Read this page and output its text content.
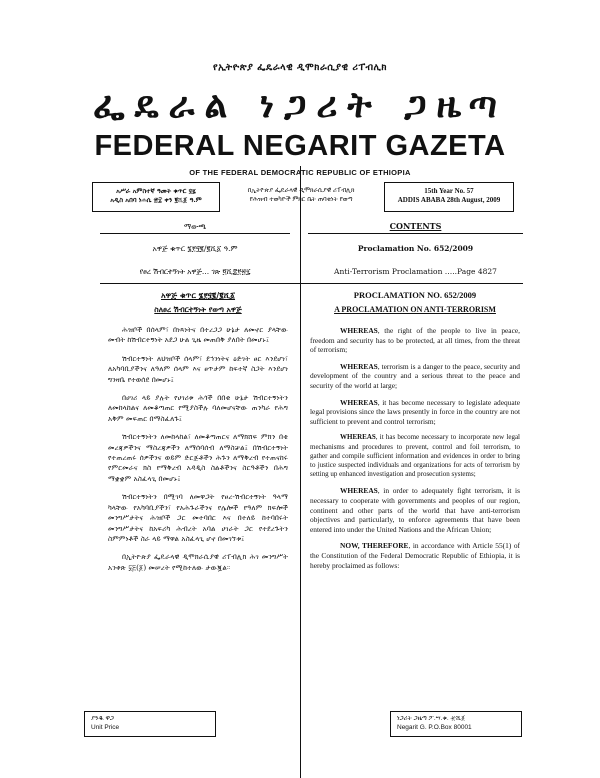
የኢትዮጵያ ፌዴራላዊ ዲሞክራሲያዊ ሪፐብሊክ
ፌዴራል ነጋሪት ጋዜጣ
FEDERAL NEGARIT GAZETA
OF THE FEDERAL DEMOCRATIC REPUBLIC OF ETHIOPIA
አሥራ አምስተኛ ዓመት ቁጥር ፶፯
አዲስ አበባ ነሐሴ ፳፰ ቀን ፪ሺ፩ ዓ.ም
በኢትዮጵያ ፌዴራላዊ ዲሞክራሲያዊ ሪፐብሊክ
የሕዝብ ተወካዮች ምክር ቤት ጠባቂነት የወጣ
15th Year No. 57
ADDIS ABABA 28th August, 2009
ማውጫ	CONTENTS
አዋጅ ቁጥር ፮፻፶፪/፪ሺ፩ ዓ.ም	Proclamation No. 652/2009
የፀረ ሽብርተኝነት አዋጅ… ገጽ ፬ሺ፰፻፳፯	Anti-Terrorism Proclamation …..Page 4827
አዋጅ ቁጥር ፮፻፶፪/፪ሺ፩
ስለፀረ ሽብርተኝነት የወጣ አዋጅ
ሕዝቦች በሰላም፣ በነጻነትና በተረጋጋ ሁኔታ ለመኖር ያላቸው መብት ከሽብርተኝነት አደጋ ሁል ጊዜ መጠበቅ ያለበት በመሆኑ፤
ሽብርተኝነት ለህዝቦች ሰላም፣ ደኅንነትና ዕድገት ፀር እንደሆነ፣ ለአካባቢያችንና ለዓለም ሰላም እና ፀጥታም ከፍተኛ ስጋት እንደሆነ ግንዛቤ የተወሰደ በመሆኑ፤
በሀገሪ ላይ ያሉት የሀገሪቱ ሕጎች በበቂ ሁኔታ ሽብርተኝነትን ለመከላከልና ለመቆጣጠር የሚያስችሉ ባለመሆናቸው ጠንካራ የሕግ አቅም መፍጠር በማስፈለጉ፤
ሽብርተኝነትን ለመከላከል፣ ለመቆጣጠርና ለማክሸፍ ምክን በቂ መረጃዎችንና ማስረጃዎችን ለማሰባሰብ ለማስቻል፤ በሽብርተኝነት የተጠረጠሩ ሰዎችንና ወይም ድርጅቶችን ሕጉን ለማቅረብ የተጠናከሩ የምርመራና ክስ የማቅረብ አዳዲስ ስልቶችንና ስርዓቶችን በሕግ ማቋቋም አስፈላጊ በመሆኑ፤
ሽብርተኝነትን በሚገባ ለመዋጋት የፀረ-ሽብርተኝነት ዓላማ ካላቸው የአካባቢያችን፣ የአሕጉራችንና የሌሎች የዓለም ክፍሎች መንግሥታትና ሕዝቦች ጋር መተባበር እና በተለይ ከተባበሩት መንግሥታትና ከአፍሪካ ሕብረት አባል ሀገራት ጋር የተደረጉትን ስምምነቶች ስራ ላይ ማዋል አስፈላጊ ሆኖ በመገኘቱ፤
በኢትዮጵያ ፌዴራላዊ ዲሞክራሲያዊ ሪፐብሊክ ሕገ መንግሥት አንቀጽ ፶፭(፩) መሠረት የሚከተለው ታውጇል።
PROCLAMATION NO. 652/2009
A PROCLAMATION ON ANTI-TERRORISM
WHEREAS, the right of the people to live in peace, freedom and security has to be protected, at all times, from the threat of terrorism;
WHEREAS, terrorism is a danger to the peace, security and development of the country and a serious threat to the peace and security of the world at large;
WHEREAS, it has become necessary to legislate adequate legal provisions since the laws presently in force in the country are not sufficient to prevent and control terrorism;
WHEREAS, it has become necessary to incorporate new legal mechanisms and procedures to prevent, control and foil terrorism, to gather and compile sufficient information and evidences in order to bring to justice suspected individuals and organizations for acts of terrorism by setting up enhanced investigation and prosecution systems;
WHEREAS, in order to adequately fight terrorism, it is necessary to cooperate with governments and peoples of our region, continent and other parts of the world that have anti-terrorism objectives and particularly, to enforce agreements that have been entered into under the United Nations and the African Union;
NOW, THEREFORE, in accordance with Article 55(1) of the Constitution of the Federal Democratic Republic of Ethiopia, it is hereby proclaimed as follows:
ያንዱ ዋጋ
Unit Price
ነጋሪት ጋዜጣ ፖ.ሣ.ቁ. ፹ሺ፩
Negarit G. P.O.Box 80001
